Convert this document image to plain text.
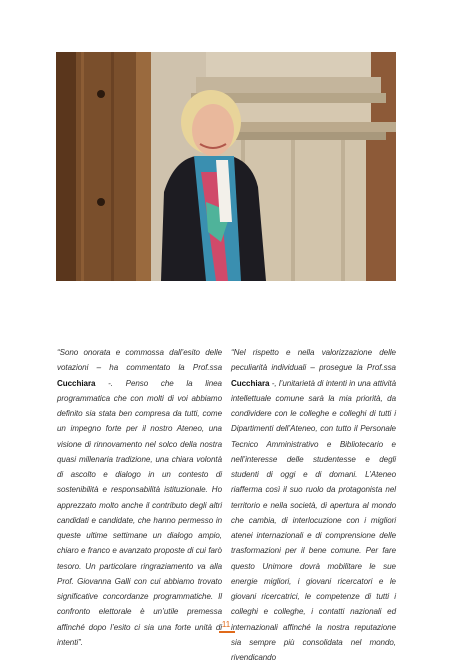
“Sono onorata e commossa dall’esito delle votazioni – ha commentato la Prof.ssa Cucchiara -. Penso che la linea programmatica che con molti di voi abbiamo definito sia stata ben compresa da tutti, come un impegno forte per il nostro Ateneo, una visione di rinnovamento nel solco della nostra quasi millenaria tradizione, una chiara volontà di ascolto e dialogo in un contesto di sostenibilità e responsabilità istituzionale. Ho apprezzato molto anche il contributo degli altri candidati e candidate, che hanno permesso in queste ultime settimane un dialogo ampio, chiaro e franco e avanzato proposte di cui farò tesoro. Un particolare ringraziamento va alla Prof. Giovanna Galli con cui abbiamo trovato significative concordanze programmatiche. Il confronto elettorale è un’utile premessa affinché dopo l’esito ci sia una forte unità di intenti”.
“Nel rispetto e nella valorizzazione delle peculiarità individuali – prosegue la Prof.ssa Cucchiara -, l’unitarietà di intenti in una attività intellettuale comune sarà la mia priorità, da condividere con le colleghe e colleghi di tutti i Dipartimenti dell’Ateneo, con tutto il Personale Tecnico Amministrativo e Bibliotecario e nell’interesse delle studentesse e degli studenti di oggi e di domani. L’Ateneo riafferma così il suo ruolo da protagonista nel territorio e nella società, di apertura al mondo che cambia, di interlocuzione con i migliori atenei internazionali e di comprensione delle trasformazioni per il bene comune. Per fare questo Unimore dovrà mobilitare le sue energie migliori, i giovani ricercatori e le giovani ricercatrici, le competenze di tutti i colleghi e colleghe, i contatti nazionali ed internazionali affinché la nostra reputazione sia sempre più consolidata nel mondo, rivendicando
11
